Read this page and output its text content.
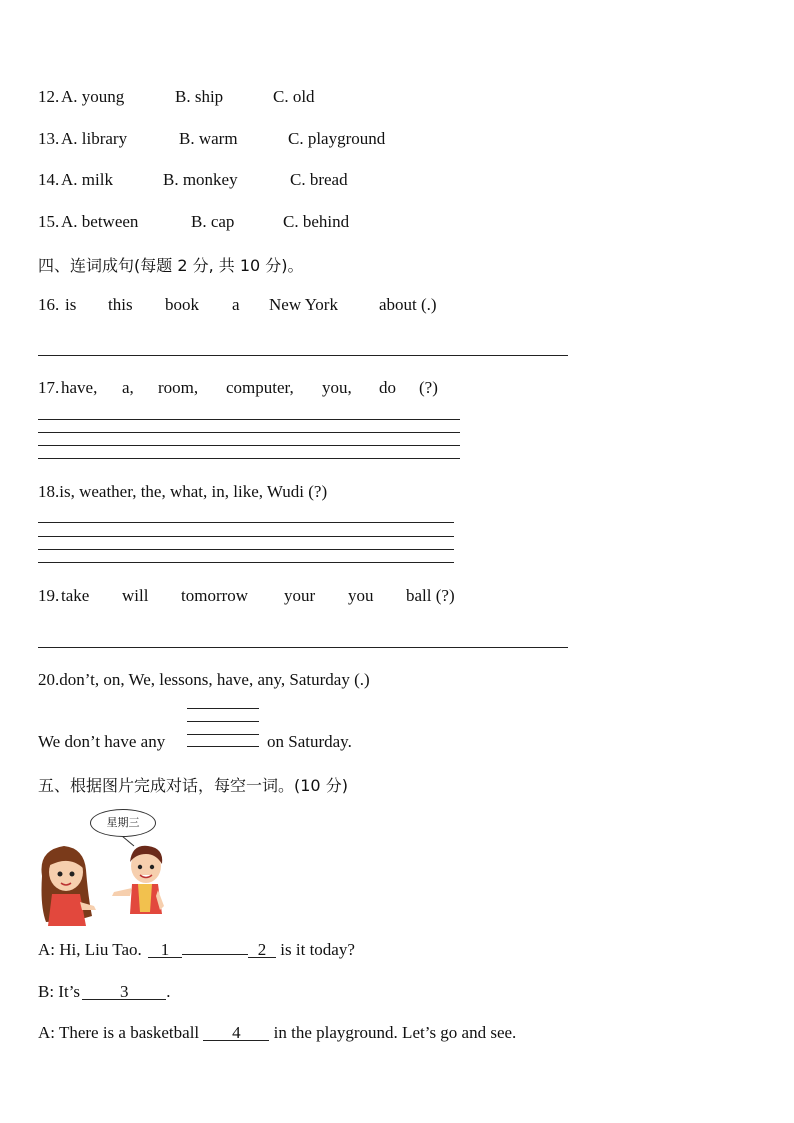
12. A. young	B. ship	C. old
13. A. library	B. warm	C. playground
14. A. milk	B. monkey	C. bread
15. A. between	B. cap	C. behind
四、连词成句(每题 2 分, 共 10 分)。
16. is this book a New York about (.)
17. have, a, room, computer, you, do (?)
18.is, weather, the, what, in, like, Wudi (?)
19. take will tomorrow your you ball (?)
20.don’t, on, We, lessons, have, any, Saturday (.)
We don’t have any	on Saturday.
五、根据图片完成对话，每空一词。(10 分)
星期三
A: Hi, Liu Tao. 1	2 is it today?
B: It’s 3 .
A: There is a basketball 4 in the playground. Let’s go and see.
